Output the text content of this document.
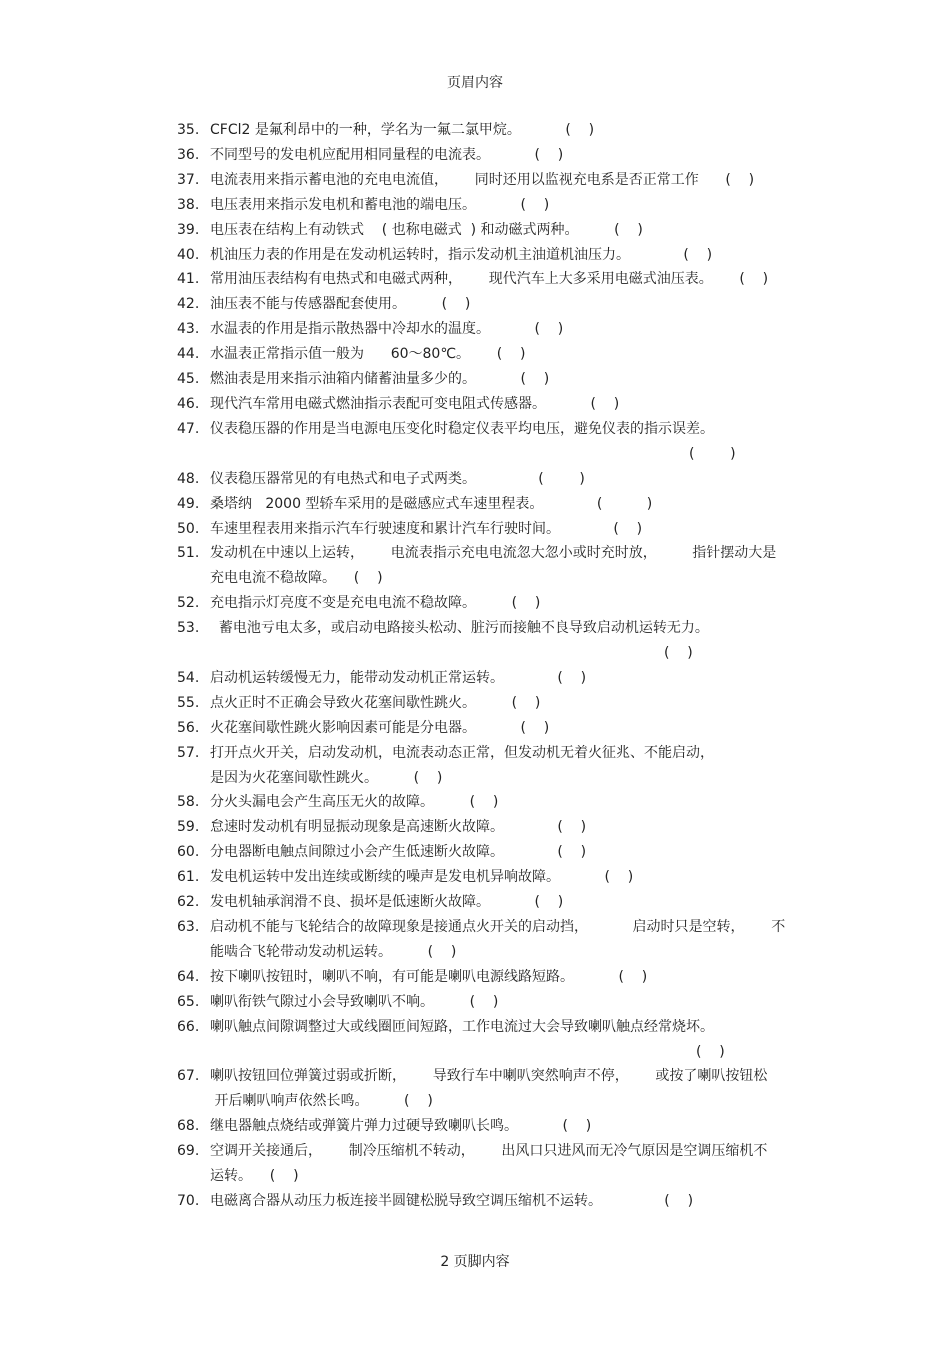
页眉内容
35. CFCl2 是氟利昂中的一种，学名为一氟二氯甲烷。          (    )
36. 不同型号的发电机应配用相同量程的电流表。          (    )
37. 电流表用来指示蓄电池的充电电流值，      同时还用以监视充电系是否正常工作      (    )
38. 电压表用来指示发电机和蓄电池的端电压。          (    )
39. 电压表在结构上有动铁式    ( 也称电磁式  ) 和动磁式两种。        (    )
40. 机油压力表的作用是在发动机运转时，指示发动机主油道机油压力。            (    )
41. 常用油压表结构有电热式和电磁式两种，      现代汽车上大多采用电磁式油压表。      (    )
42. 油压表不能与传感器配套使用。        (    )
43. 水温表的作用是指示散热器中冷却水的温度。          (    )
44. 水温表正常指示值一般为      60～80℃。      (    )
45. 燃油表是用来指示油箱内储蓄油量多少的。          (    )
46. 现代汽车常用电磁式燃油指示表配可变电阻式传感器。          (    )
47. 仪表稳压器的作用是当电源电压变化时稳定仪表平均电压，避免仪表的指示误差。
(        )
48. 仪表稳压器常见的有电热式和电子式两类。              (        )
49. 桑塔纳   2000 型轿车采用的是磁感应式车速里程表。            (          )
50. 车速里程表用来指示汽车行驶速度和累计汽车行驶时间。            (    )
51. 发动机在中速以上运转，      电流表指示充电电流忽大忽小或时充时放，        指针摆动大是
充电电流不稳故障。    (    )
52. 充电指示灯亮度不变是充电电流不稳故障。        (    )
53.  蓄电池亏电太多，或启动电路接头松动、脏污而接触不良导致启动机运转无力。
(    )
54. 启动机运转缓慢无力，能带动发动机正常运转。            (    )
55. 点火正时不正确会导致火花塞间歇性跳火。        (    )
56. 火花塞间歇性跳火影响因素可能是分电器。          (    )
57. 打开点火开关，启动发动机，电流表动态正常，但发动机无着火征兆、不能启动，
是因为火花塞间歇性跳火。        (    )
58. 分火头漏电会产生高压无火的故障。        (    )
59. 怠速时发动机有明显振动现象是高速断火故障。            (    )
60. 分电器断电触点间隙过小会产生低速断火故障。            (    )
61. 发电机运转中发出连续或断续的噪声是发电机异响故障。          (    )
62. 发电机轴承润滑不良、损坏是低速断火故障。          (    )
63. 启动机不能与飞轮结合的故障现象是接通点火开关的启动挡，          启动时只是空转，      不
能啮合飞轮带动发动机运转。        (    )
64. 按下喇叭按钮时，喇叭不响，有可能是喇叭电源线路短路。          (    )
65. 喇叭衔铁气隙过小会导致喇叭不响。        (    )
66. 喇叭触点间隙调整过大或线圈匝间短路，工作电流过大会导致喇叭触点经常烧坏。
(    )
67. 喇叭按钮回位弹簧过弱或折断，      导致行车中喇叭突然响声不停，      或按了喇叭按钮松
开后喇叭响声依然长鸣。        (    )
68. 继电器触点烧结或弹簧片弹力过硬导致喇叭长鸣。          (    )
69. 空调开关接通后，      制冷压缩机不转动，      出风口只进风而无冷气原因是空调压缩机不
运转。    (    )
70. 电磁离合器从动压力板连接半圆键松脱导致空调压缩机不运转。              (    )
2 页脚内容
